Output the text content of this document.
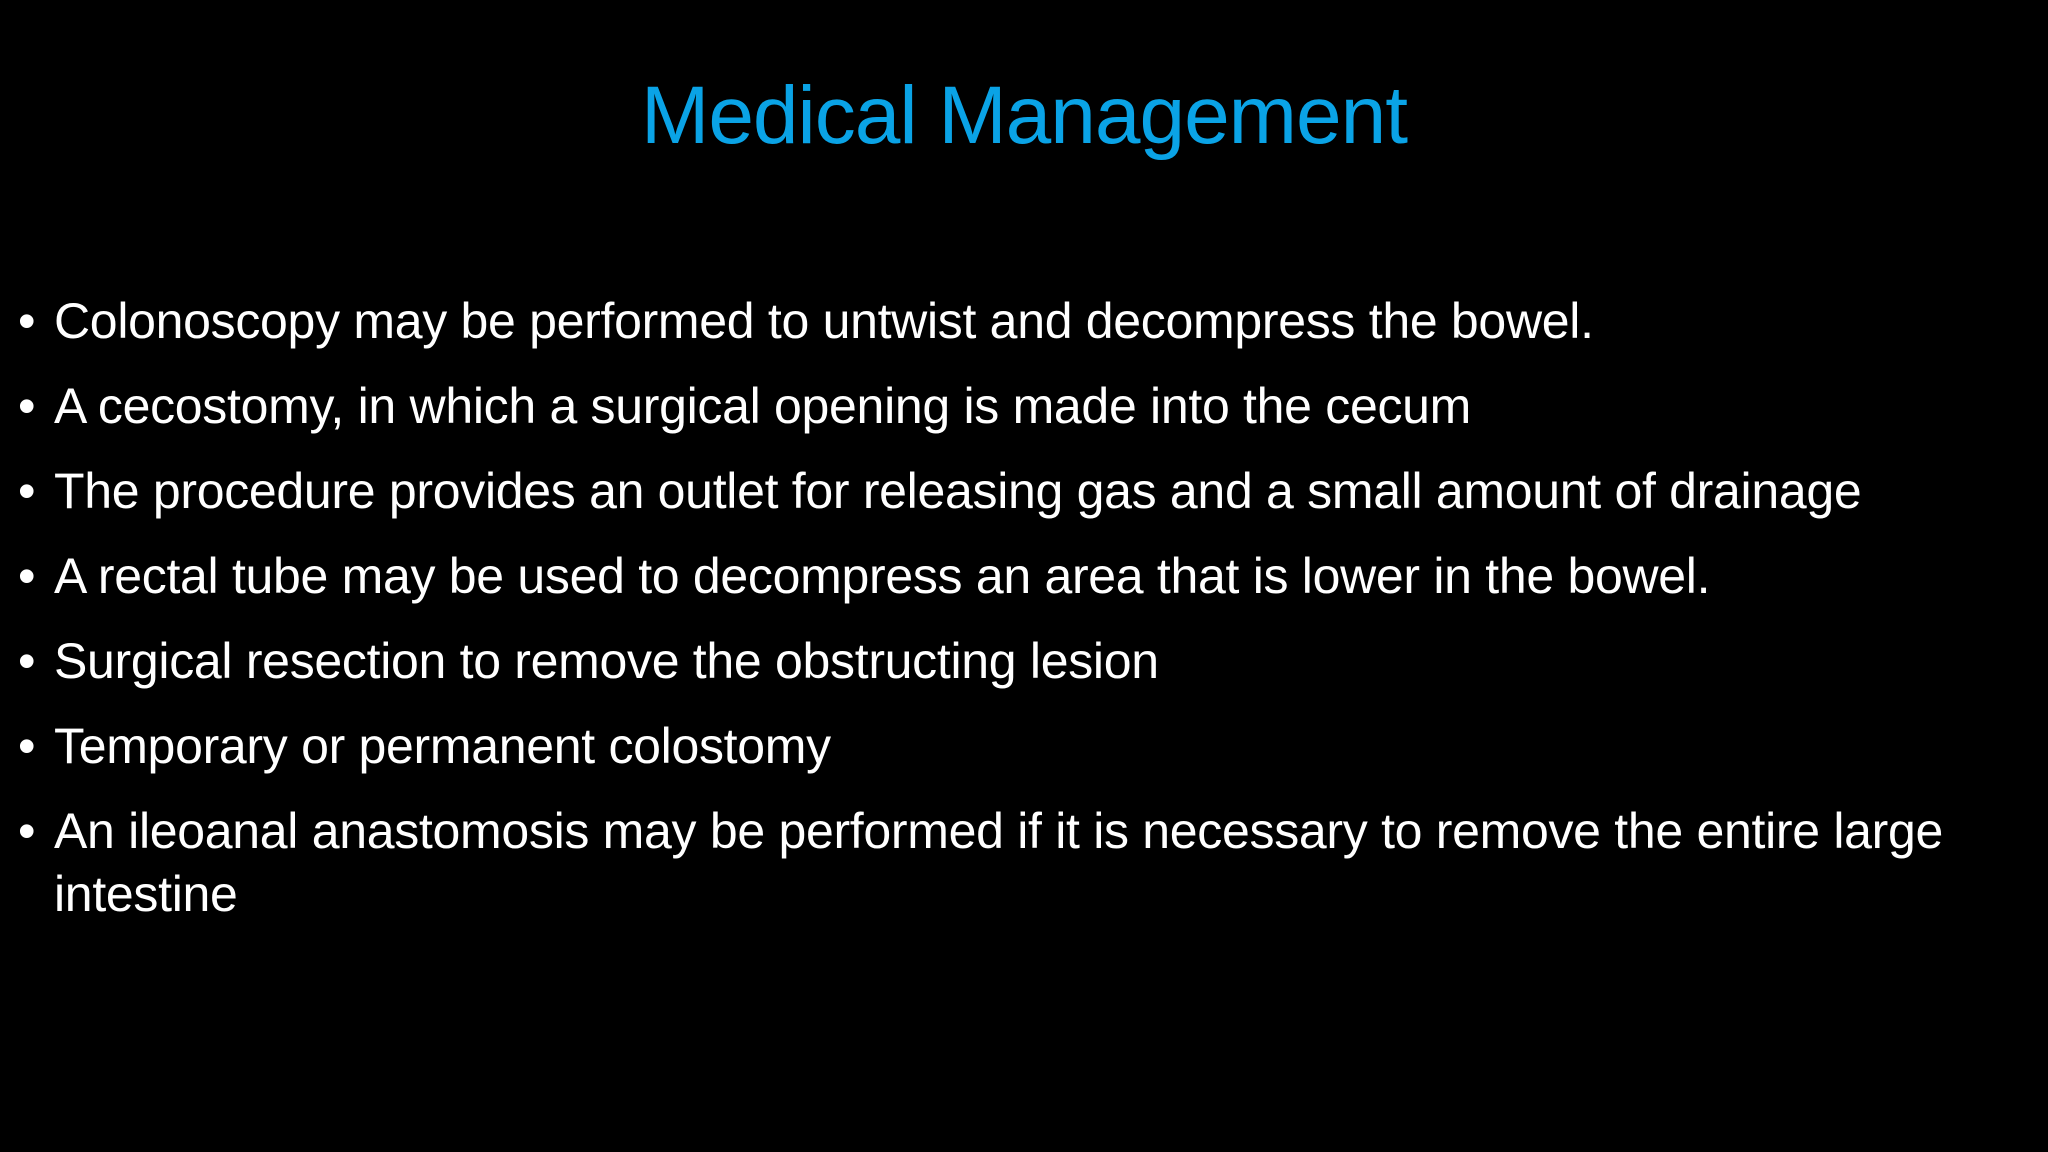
Medical Management
• Colonoscopy may be performed to untwist and decompress the bowel.
• A cecostomy, in which a surgical opening is made into the cecum
• The procedure provides an outlet for releasing gas and a small amount of drainage
• A rectal tube may be used to decompress an area that is lower in the bowel.
• Surgical resection to remove the obstructing lesion
• Temporary or permanent colostomy
• An ileoanal anastomosis may be performed if it is necessary to remove the entire large intestine
